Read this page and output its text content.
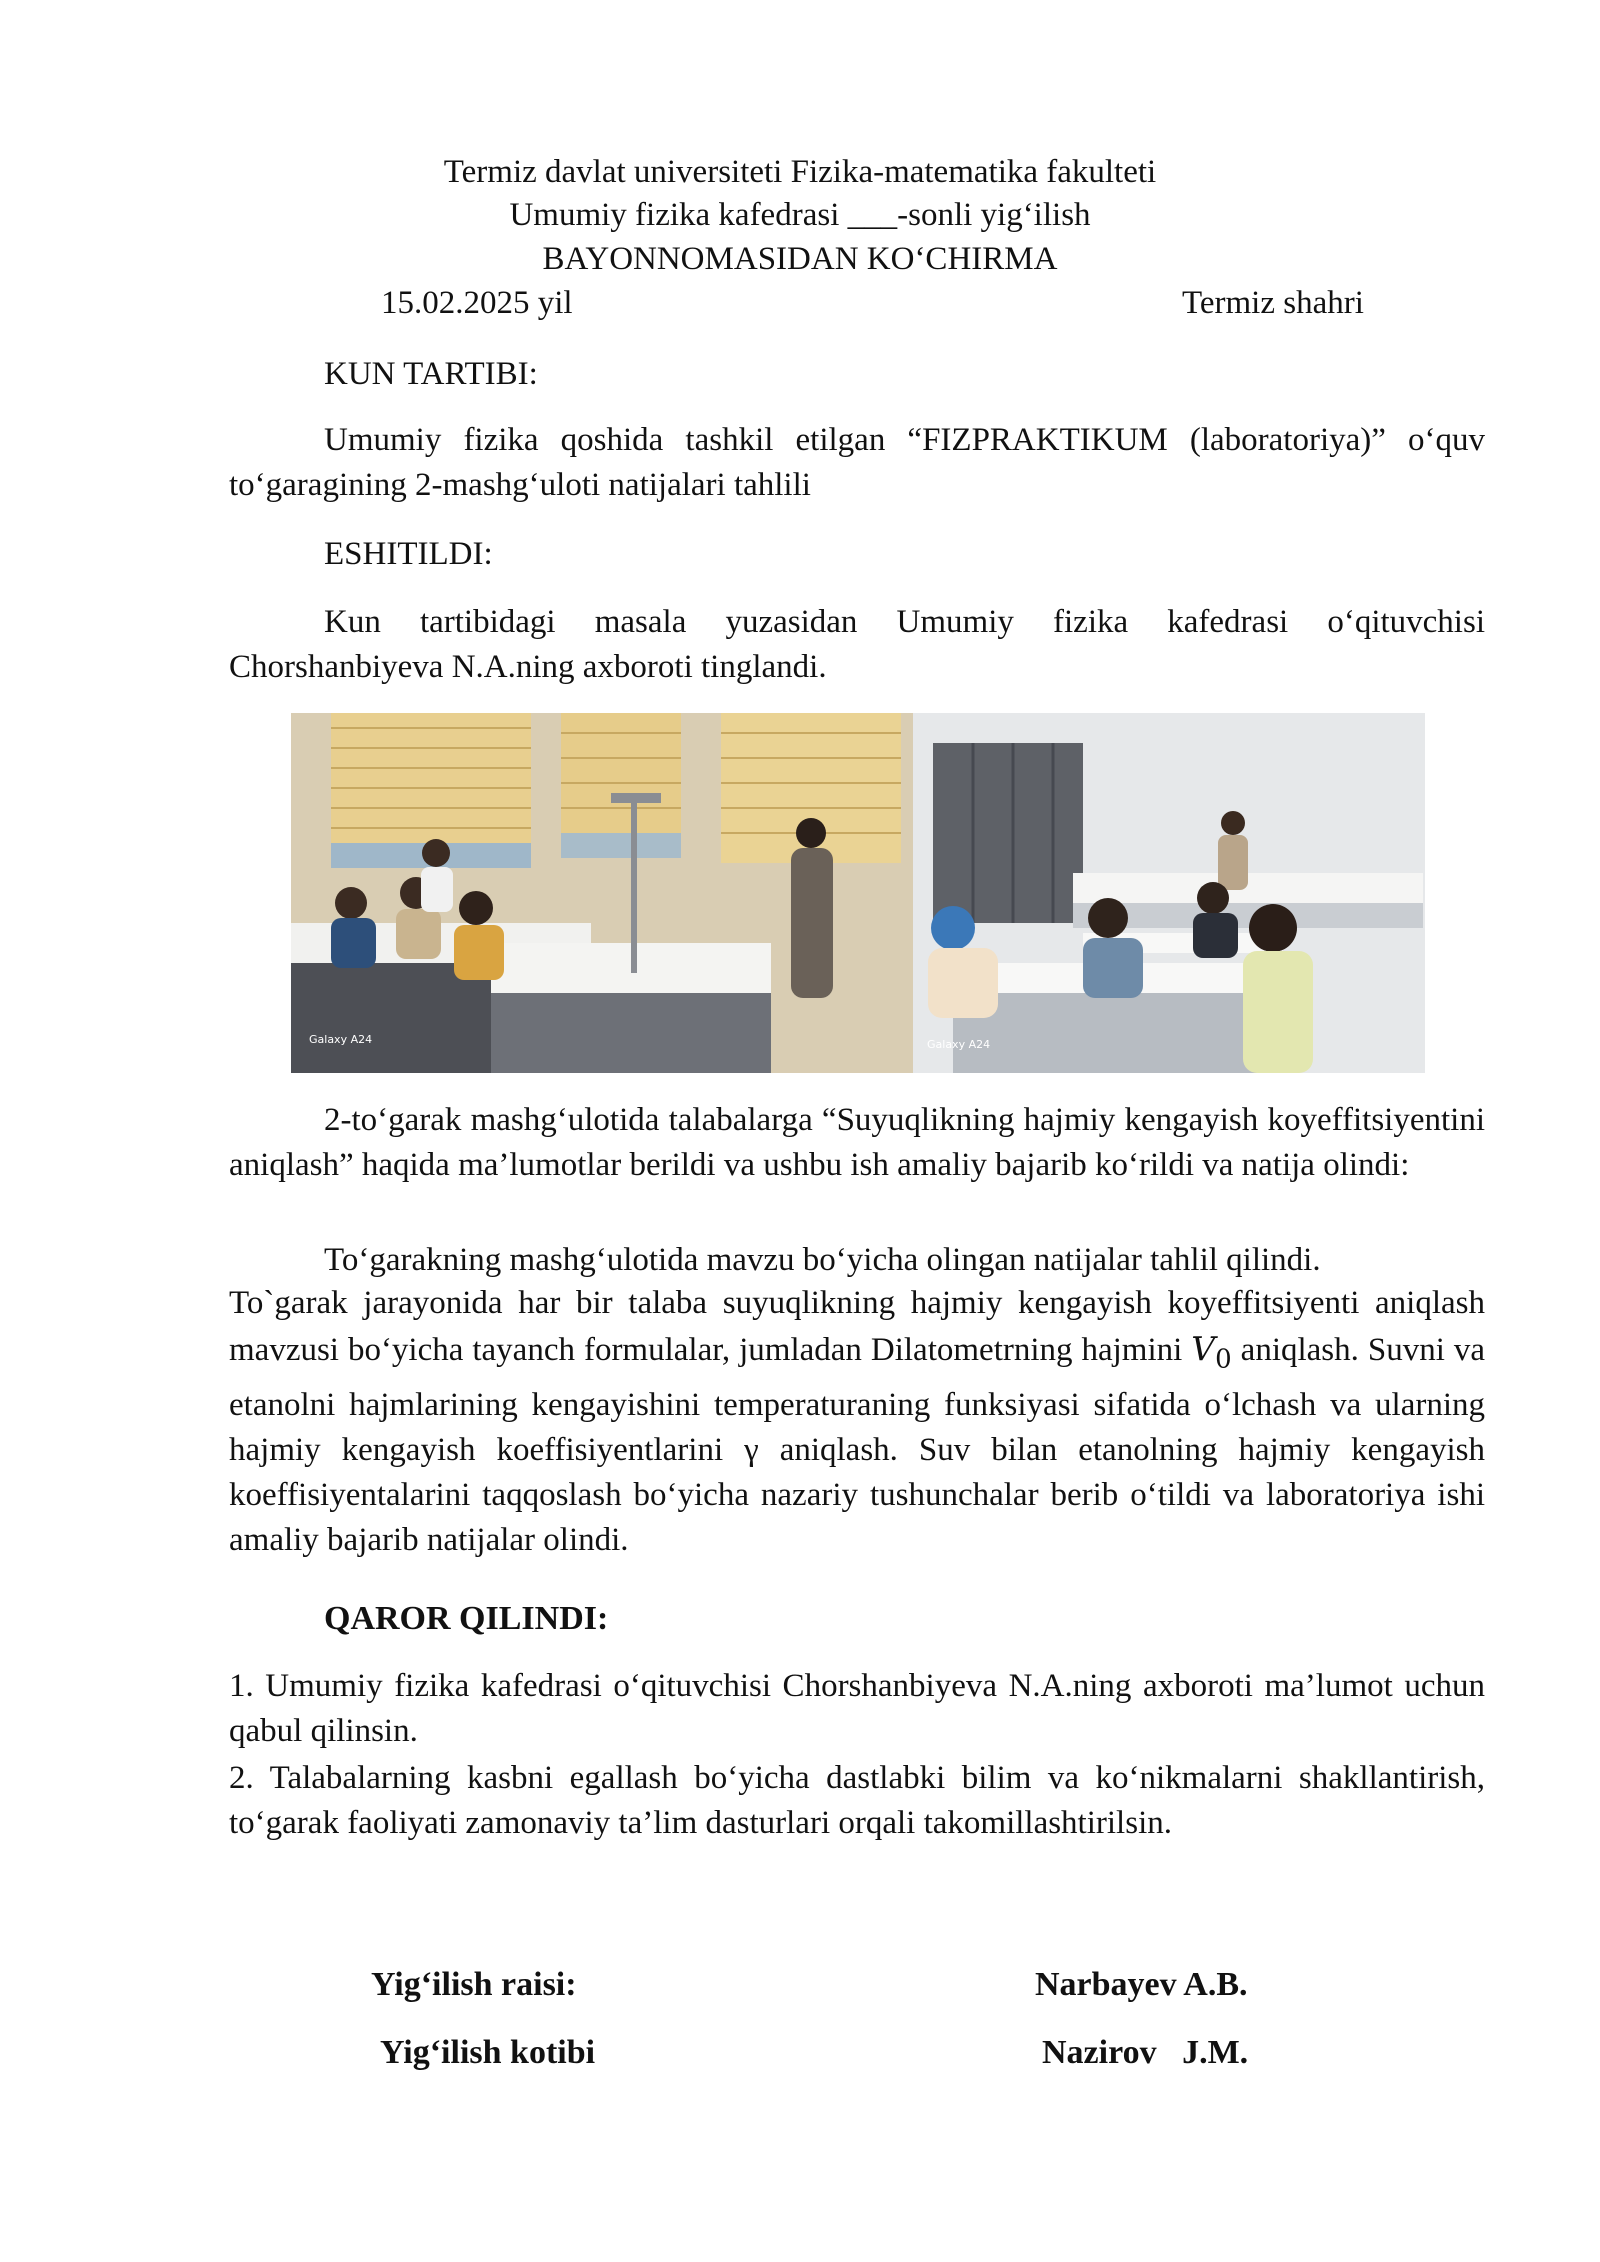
Termiz davlat universiteti Fizika-matematika fakulteti
Umumiy fizika kafedrasi ___-sonli yig‘ilish
BAYONNOMASIDAN KO‘CHIRMA
15.02.2025 yil	Termiz shahri
KUN TARTIBI:
Umumiy fizika qoshida tashkil etilgan “FIZPRAKTIKUM (laboratoriya)” o‘quv to‘garagining 2-mashg‘uloti natijalari tahlili
ESHITILDI:
Kun tartibidagi masala yuzasidan Umumiy fizika kafedrasi o‘qituvchisi Chorshanbiyeva N.A.ning axboroti tinglandi.
Galaxy A24	Galaxy A24
2-to‘garak mashg‘ulotida talabalarga “Suyuqlikning hajmiy kengayish koyeffitsiyentini aniqlash” haqida ma’lumotlar berildi va ushbu ish amaliy bajarib ko‘rildi va natija olindi:
To‘garakning mashg‘ulotida mavzu bo‘yicha olingan natijalar tahlil qilindi.
To`garak jarayonida har bir talaba suyuqlikning hajmiy kengayish koyeffitsiyenti aniqlash mavzusi bo‘yicha tayanch formulalar, jumladan Dilatometrning hajmini $V_0$ aniqlash. Suvni va etanolni hajmlarining kengayishini temperaturaning funksiyasi sifatida o‘lchash va ularning hajmiy kengayish koeffisiyentlarini γ aniqlash. Suv bilan etanolning hajmiy kengayish koeffisiyentalarini taqqoslash bo‘yicha nazariy tushunchalar berib o‘tildi va laboratoriya ishi amaliy bajarib natijalar olindi.
QAROR QILINDI:
1. Umumiy fizika kafedrasi o‘qituvchisi Chorshanbiyeva N.A.ning axboroti ma’lumot uchun qabul qilinsin.
2. Talabalarning kasbni egallash bo‘yicha dastlabki bilim va ko‘nikmalarni shakllantirish, to‘garak faoliyati zamonaviy ta’lim dasturlari orqali takomillashtirilsin.
Yig‘ilish raisi:	Narbayev A.B.
Yig‘ilish kotibi	Nazirov   J.M.
